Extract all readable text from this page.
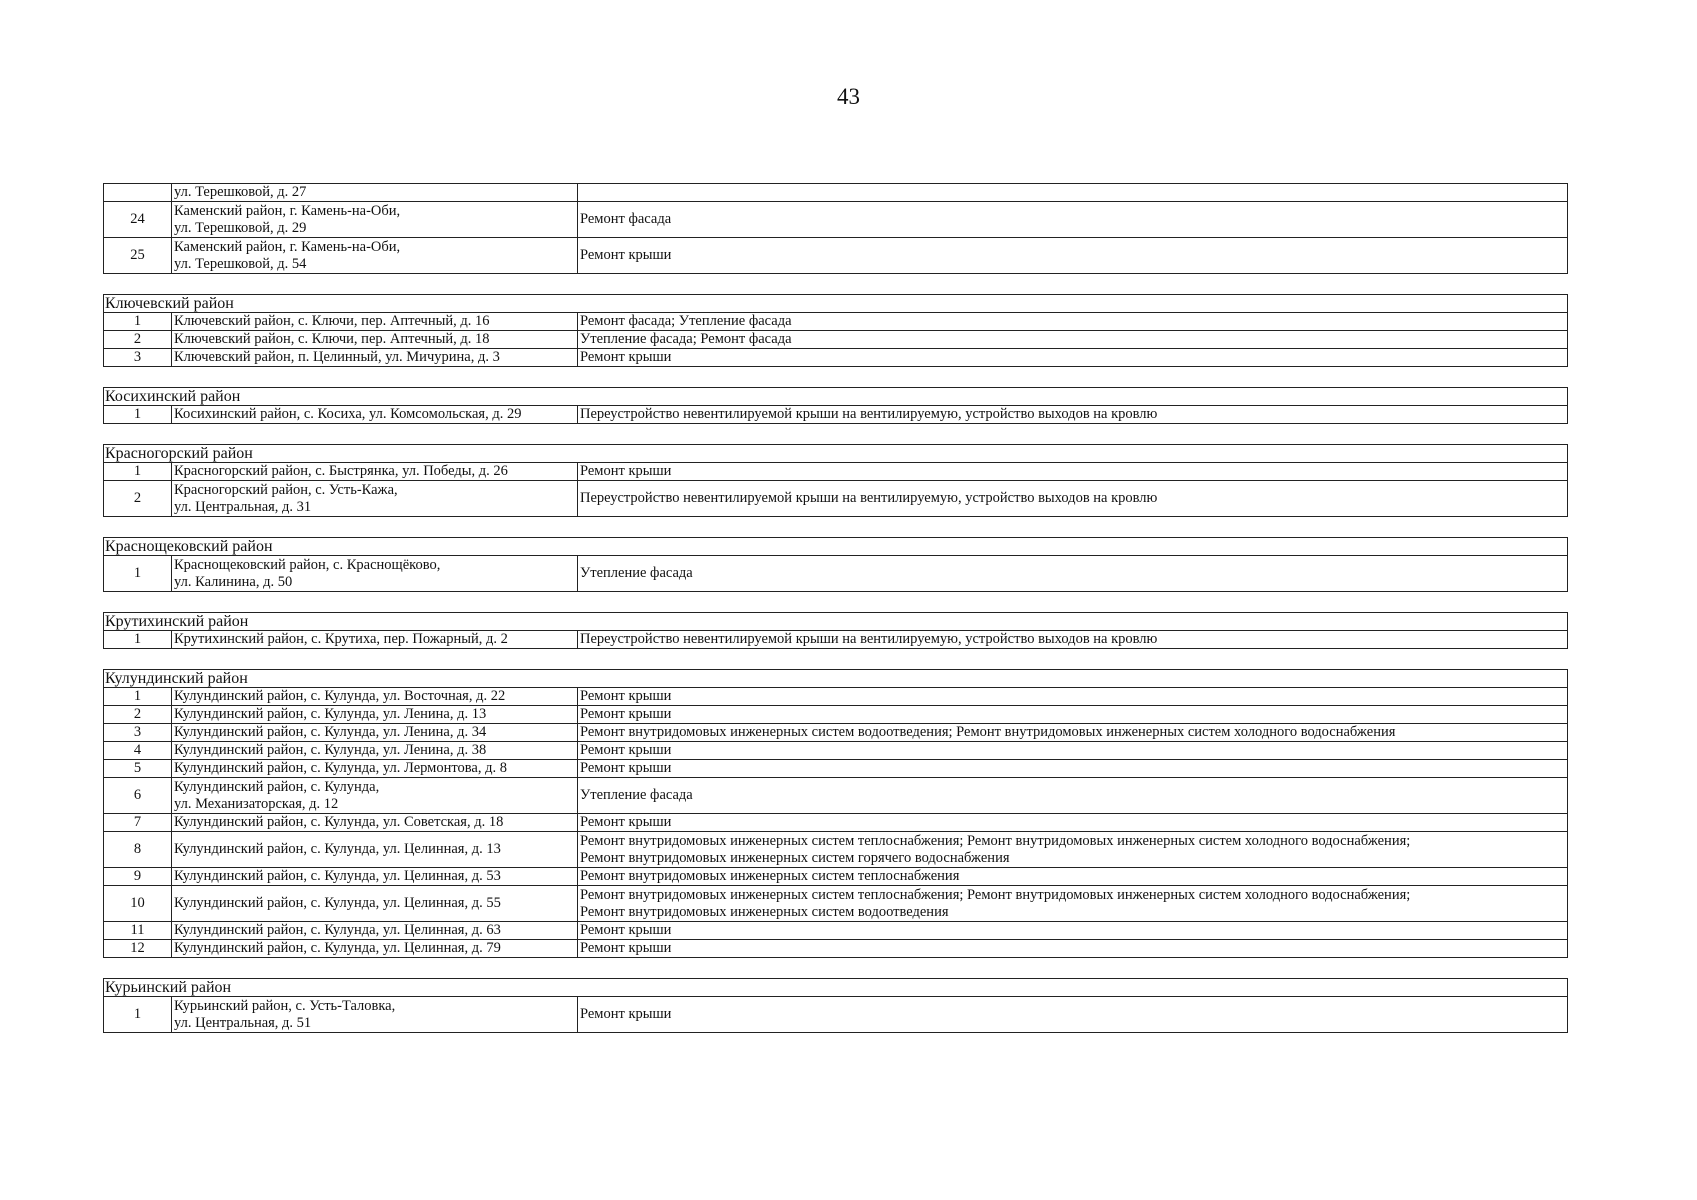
43

	ул. Терешковой, д. 27	

24	Каменский район, г. Камень-на-Оби,
ул. Терешковой, д. 29	Ремонт фасада

25	Каменский район, г. Камень-на-Оби,
ул. Терешковой, д. 54	Ремонт крыши

Ключевский район		
1	Ключевский район, с. Ключи, пер. Аптечный, д. 16	Ремонт фасада; Утепление фасада

2	Ключевский район, с. Ключи, пер. Аптечный, д. 18	Утепление фасада; Ремонт фасада

3	Ключевский район, п. Целинный, ул. Мичурина, д. 3	Ремонт крыши

Косихинский район		
1	Косихинский район, с. Косиха, ул. Комсомольская, д. 29	Переустройство невентилируемой крыши на вентилируемую, устройство выходов на кровлю

Красногорский район		
1	Красногорский район, с. Быстрянка, ул. Победы, д. 26	Ремонт крыши

2	Красногорский район, с. Усть-Кажа,
ул. Центральная, д. 31	Переустройство невентилируемой крыши на вентилируемую, устройство выходов на кровлю

Краснощековский район		
1	Краснощековский район, с. Краснощёково,
ул. Калинина, д. 50	Утепление фасада

Крутихинский район		
1	Крутихинский район, с. Крутиха, пер. Пожарный, д. 2	Переустройство невентилируемой крыши на вентилируемую, устройство выходов на кровлю

Кулундинский район		
1	Кулундинский район, с. Кулунда, ул. Восточная, д. 22	Ремонт крыши

2	Кулундинский район, с. Кулунда, ул. Ленина, д. 13	Ремонт крыши

3	Кулундинский район, с. Кулунда, ул. Ленина, д. 34	Ремонт внутридомовых инженерных систем водоотведения; Ремонт внутридомовых инженерных систем холодного водоснабжения

4	Кулундинский район, с. Кулунда, ул. Ленина, д. 38	Ремонт крыши

5	Кулундинский район, с. Кулунда, ул. Лермонтова, д. 8	Ремонт крыши

6	Кулундинский район, с. Кулунда,
ул. Механизаторская, д. 12	Утепление фасада

7	Кулундинский район, с. Кулунда, ул. Советская, д. 18	Ремонт крыши

8	Кулундинский район, с. Кулунда, ул. Целинная, д. 13	Ремонт внутридомовых инженерных систем теплоснабжения; Ремонт внутридомовых инженерных систем холодного водоснабжения;
Ремонт внутридомовых инженерных систем горячего водоснабжения

9	Кулундинский район, с. Кулунда, ул. Целинная, д. 53	Ремонт внутридомовых инженерных систем теплоснабжения

10	Кулундинский район, с. Кулунда, ул. Целинная, д. 55	Ремонт внутридомовых инженерных систем теплоснабжения; Ремонт внутридомовых инженерных систем холодного водоснабжения;
Ремонт внутридомовых инженерных систем водоотведения

11	Кулундинский район, с. Кулунда, ул. Целинная, д. 63	Ремонт крыши

12	Кулундинский район, с. Кулунда, ул. Целинная, д. 79	Ремонт крыши

Курьинский район		
1	Курьинский район, с. Усть-Таловка,
ул. Центральная, д. 51	Ремонт крыши
